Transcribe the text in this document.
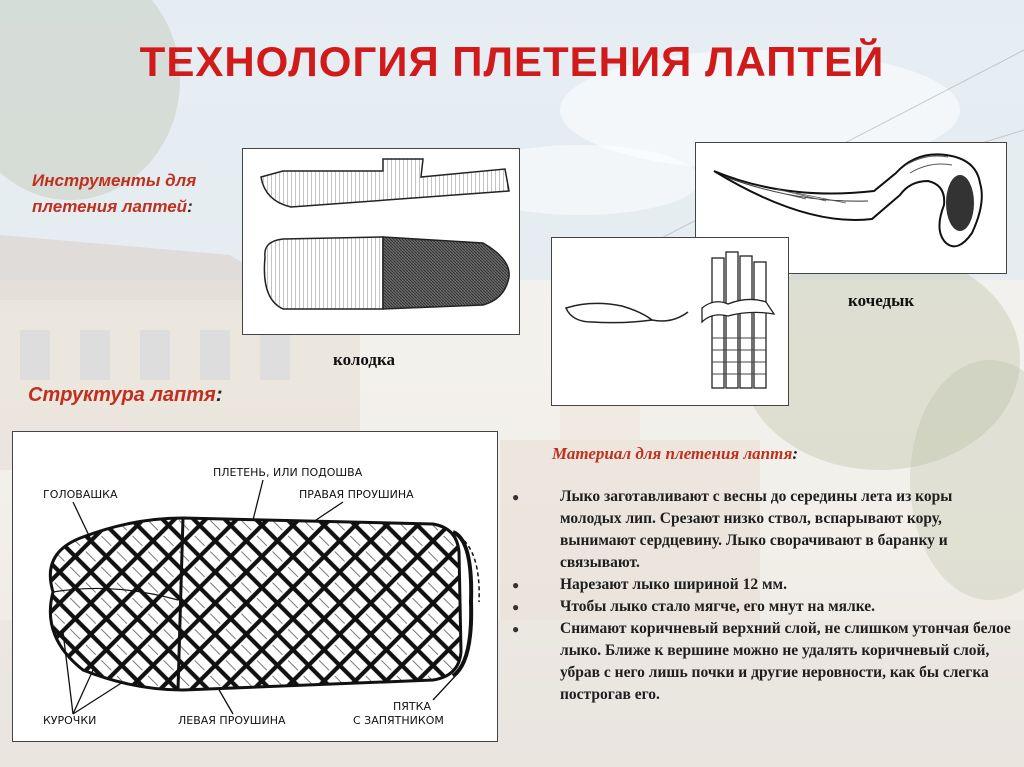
ТЕХНОЛОГИЯ ПЛЕТЕНИЯ ЛАПТЕЙ
Инструменты для плетения лаптей:
колодка
кочедык
Структура лаптя:
ПЛЕТЕНЬ, ИЛИ ПОДОШВА
ГОЛОВАШКА	ПРАВАЯ ПРОУШИНА
КУРОЧКИ	ЛЕВАЯ ПРОУШИНА
ПЯТКА
С ЗАПЯТНИКОМ
Материал для плетения лаптя:
●	Лыко заготавливают с весны до середины лета из коры молодых лип. Срезают низко ствол, вспарывают кору, вынимают сердцевину. Лыко сворачивают в баранку и связывают.
●	Нарезают лыко шириной 12 мм.
●	Чтобы лыко стало мягче, его мнут на мялке.
●	Снимают коричневый верхний слой, не слишком утончая белое лыко. Ближе к вершине можно не удалять коричневый слой, убрав с него лишь почки и другие неровности, как бы слегка построгав его.
